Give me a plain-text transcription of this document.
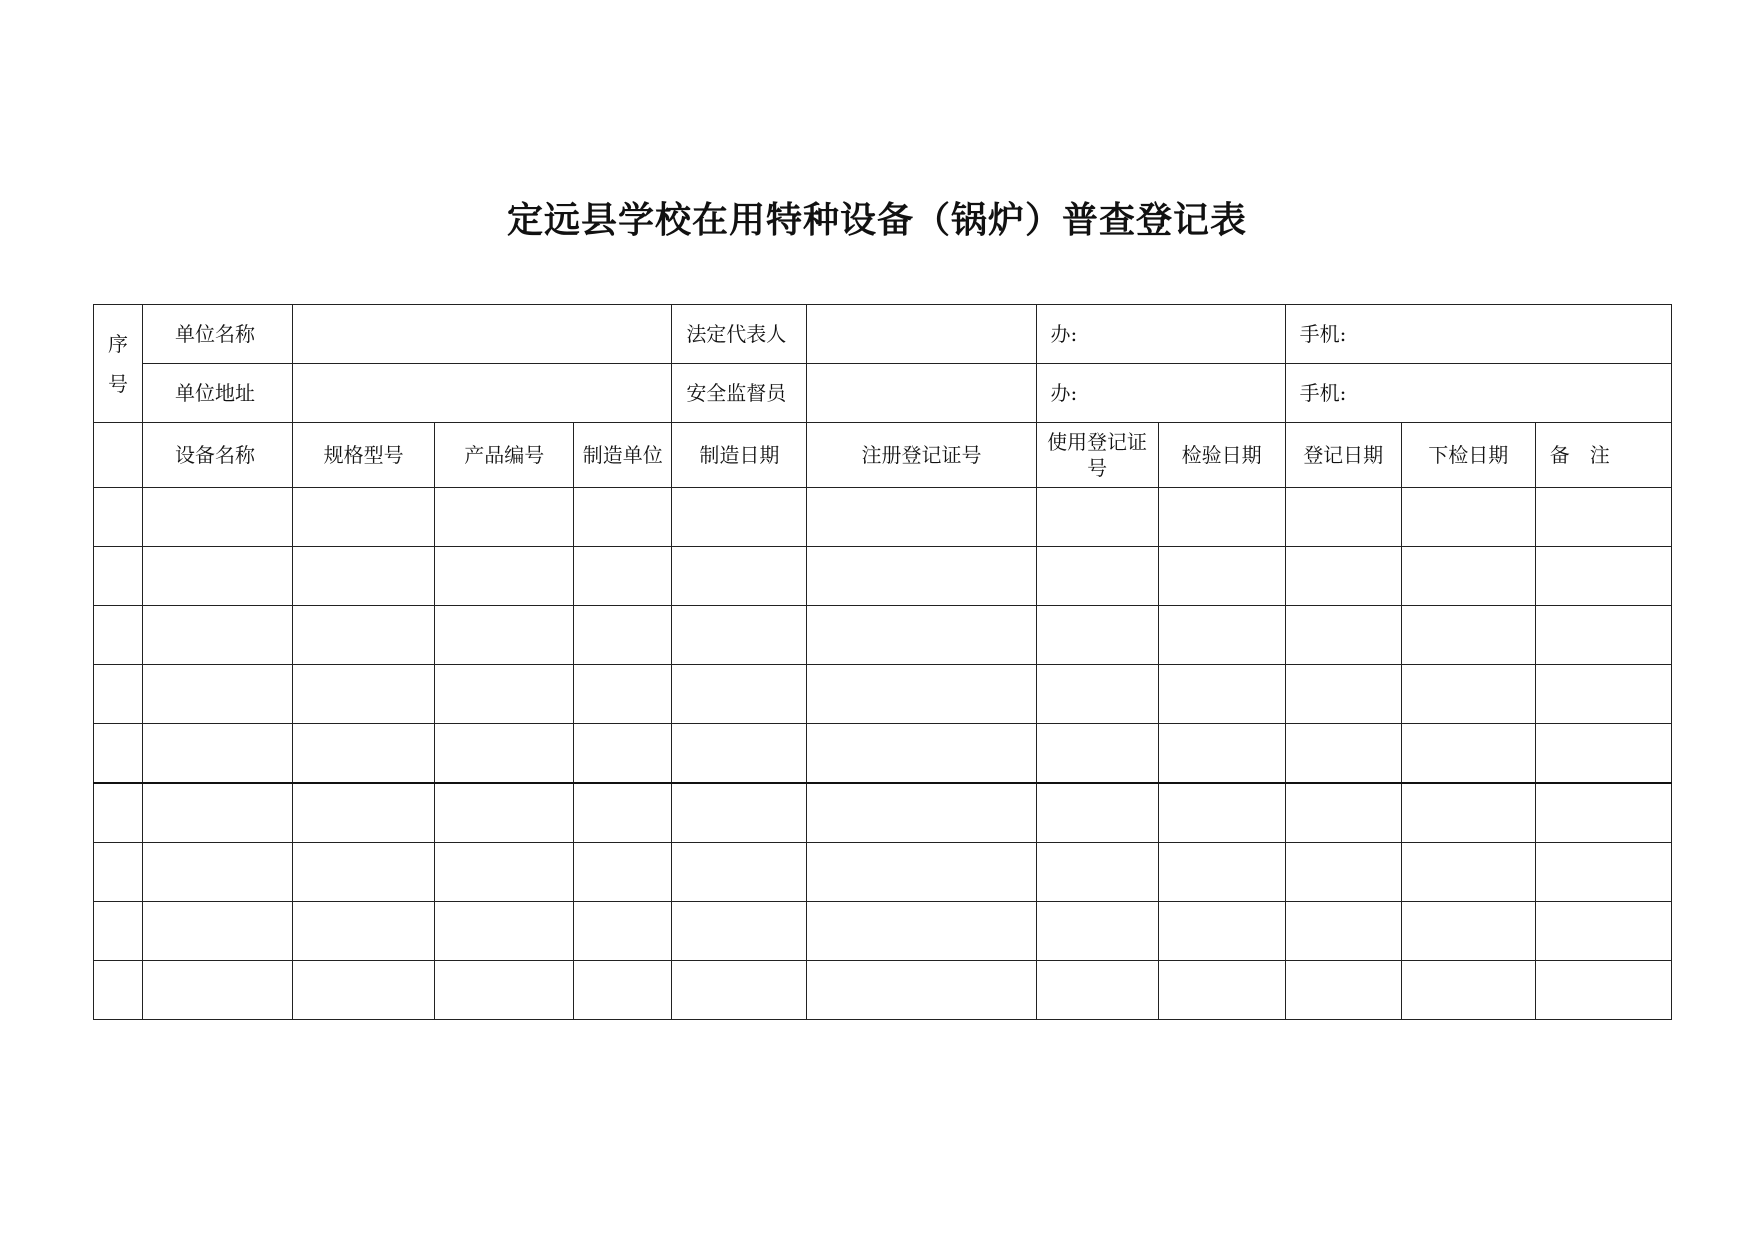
定远县学校在用特种设备（锅炉）普查登记表
序
号	单位名称				法定代表人		办:		手机:		
	单位地址				安全监督员		办:		手机:		
	设备名称	规格型号	产品编号	制造单位	制造日期	注册登记证号	使用登记证号	检验日期	登记日期	下检日期	备　注
